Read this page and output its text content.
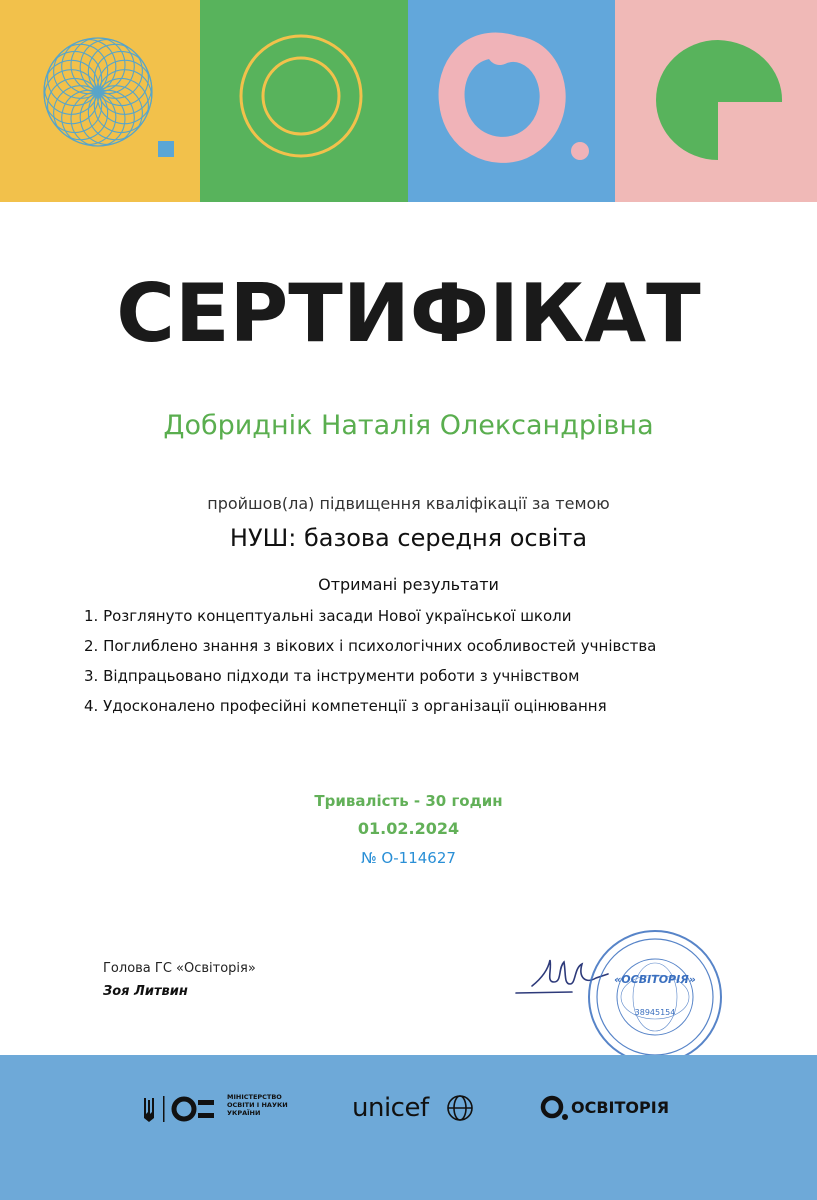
СЕРТИФІКАТ
Добриднік Наталія Олександрівна
пройшов(ла) підвищення кваліфікації за темою
НУШ: базова середня освіта
Отримані результати
1. Розглянуто концептуальні засади Нової української школи
2. Поглиблено знання з вікових і психологічних особливостей учнівства
3. Відпрацьовано підходи та інструменти роботи з учнівством
4. Удосконалено професійні компетенції з організації оцінювання
Тривалість - 30 годин
01.02.2024
№ О-114627
Голова ГС «Освіторія»
Зоя Литвин
«ОСВІТОРІЯ»
38945154
МІНІСТЕРСТВО
ОСВІТИ І НАУКИ
УКРАЇНИ	unicef	ОСВІТОРІЯ
